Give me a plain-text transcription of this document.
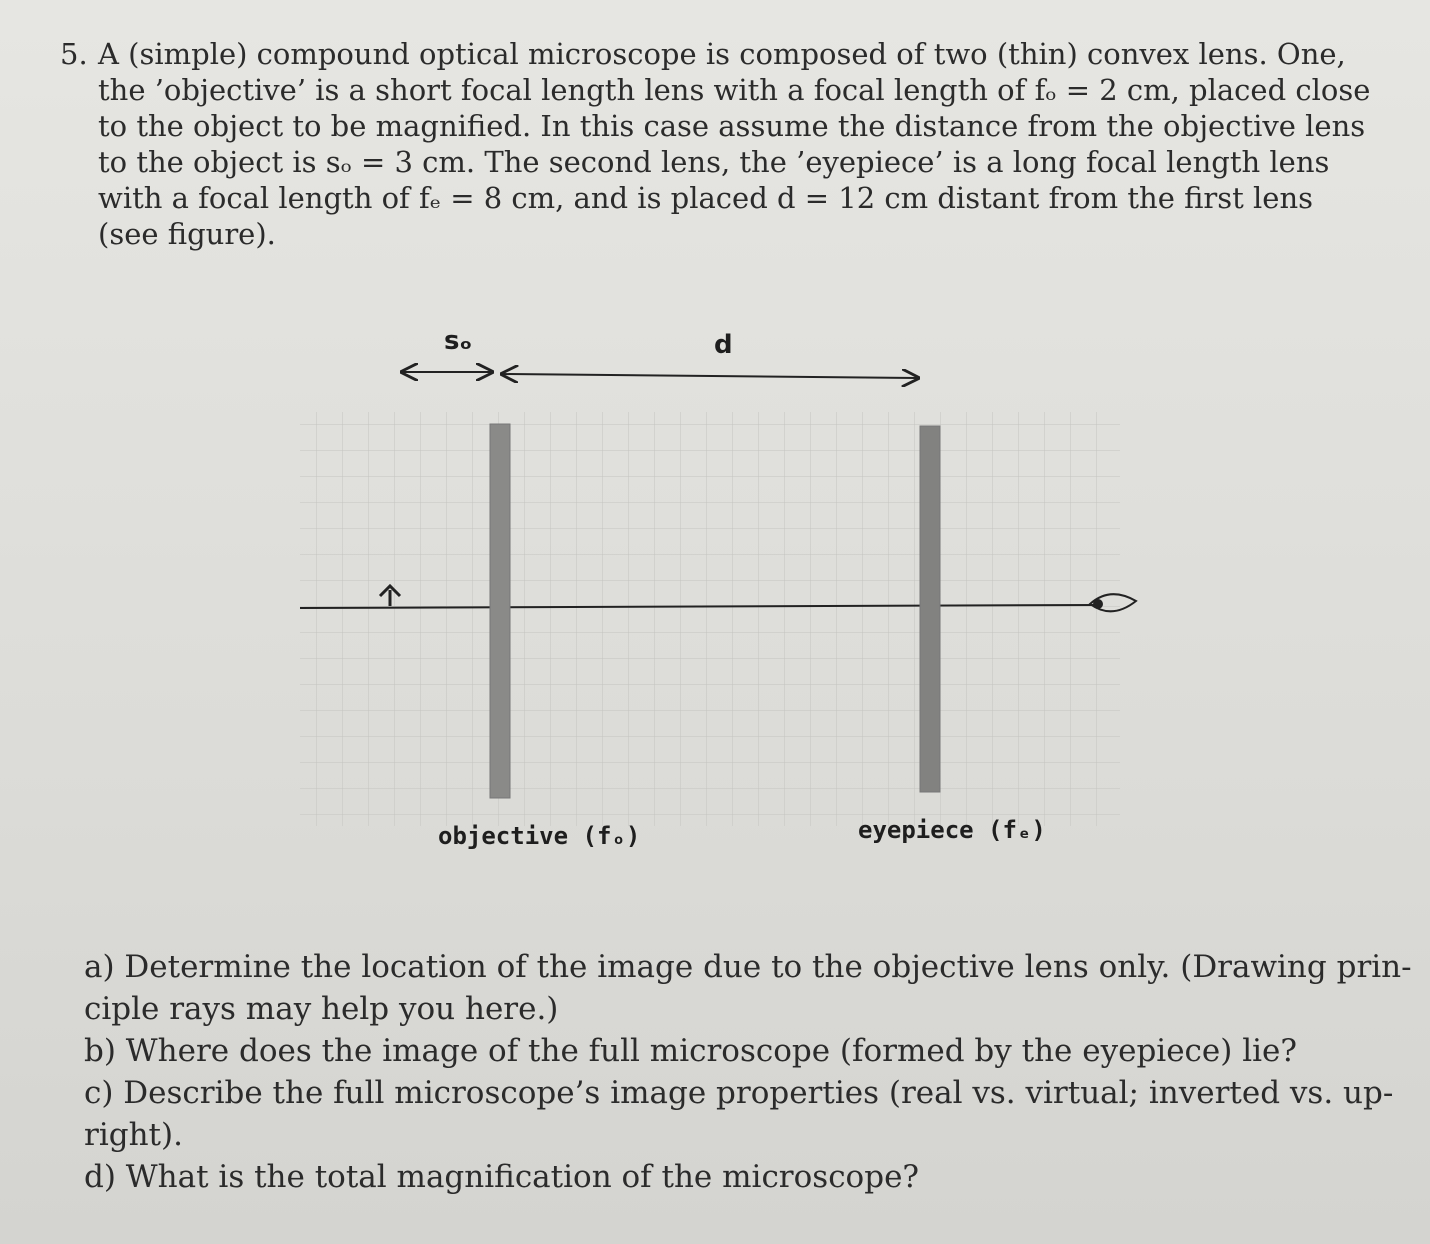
5. A (simple) compound optical microscope is composed of two (thin) convex lens. One,
the ’objective’ is a short focal length lens with a focal length of fₒ = 2 cm, placed close
to the object to be magnified. In this case assume the distance from the objective lens
to the object is sₒ = 3 cm. The second lens, the ’eyepiece’ is a long focal length lens
with a focal length of fₑ = 8 cm, and is placed d = 12 cm distant from the first lens
(see figure).
sₒ	d
objective (fₒ)	eyepiece (fₑ)
a) Determine the location of the image due to the objective lens only. (Drawing prin-
ciple rays may help you here.)
b) Where does the image of the full microscope (formed by the eyepiece) lie?
c) Describe the full microscope’s image properties (real vs. virtual; inverted vs. up-
right).
d) What is the total magnification of the microscope?
